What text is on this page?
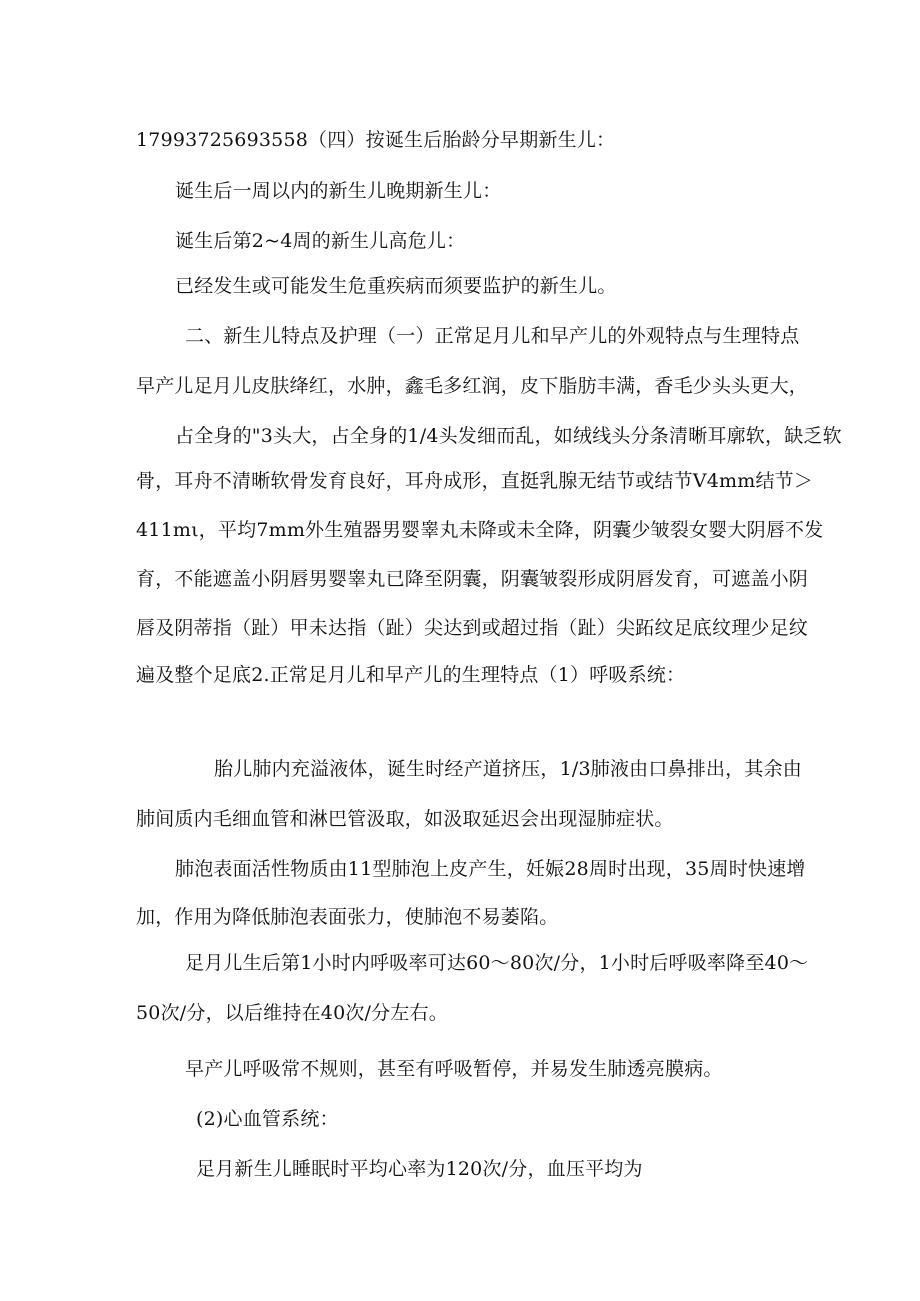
17993725693558（四）按诞生后胎龄分早期新生儿：
诞生后一周以内的新生儿晚期新生儿：
诞生后第2~4周的新生儿高危儿：
已经发生或可能发生危重疾病而须要监护的新生儿。
二、新生儿特点及护理（一）正常足月儿和早产儿的外观特点与生理特点
早产儿足月儿皮肤绛红，水肿，鑫毛多红润，皮下脂肪丰满，香毛少头头更大，
占全身的"3头大，占全身的1/4头发细而乱，如绒线头分条清晰耳廓软，缺乏软
骨，耳舟不清晰软骨发育良好，耳舟成形，直挺乳腺无结节或结节V4mm结节＞
411mι，平均7mm外生殖器男婴睾丸未降或未全降，阴囊少皱裂女婴大阴唇不发
育，不能遮盖小阴唇男婴睾丸已降至阴囊，阴囊皱裂形成阴唇发育，可遮盖小阴
唇及阴蒂指（趾）甲未达指（趾）尖达到或超过指（趾）尖跖纹足底纹理少足纹
遍及整个足底2.正常足月儿和早产儿的生理特点（1）呼吸系统：
胎儿肺内充溢液体，诞生时经产道挤压，1/3肺液由口鼻排出，其余由
肺间质内毛细血管和淋巴管汲取，如汲取延迟会出现湿肺症状。
肺泡表面活性物质由11型肺泡上皮产生，妊娠28周时出现，35周时快速增
加，作用为降低肺泡表面张力，使肺泡不易萎陷。
足月儿生后第1小时内呼吸率可达60～80次/分，1小时后呼吸率降至40～
50次/分，以后维持在40次/分左右。
早产儿呼吸常不规则，甚至有呼吸暂停，并易发生肺透亮膜病。
(2)心血管系统：
足月新生儿睡眠时平均心率为120次/分，血压平均为
